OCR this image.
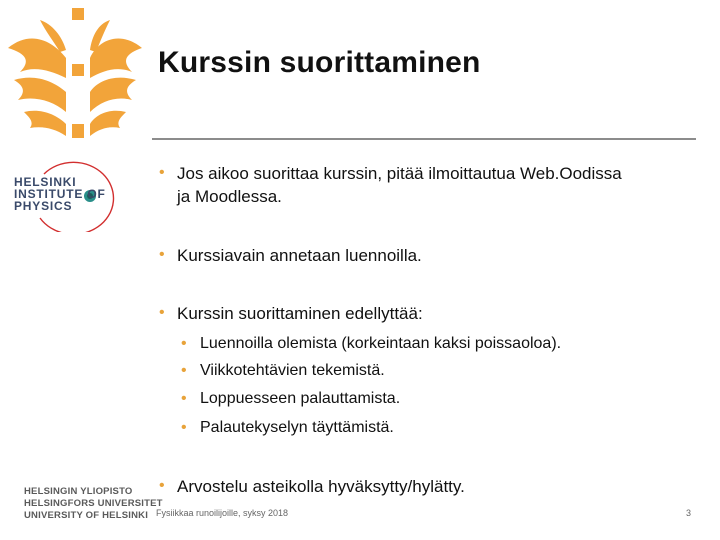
Kurssin suorittaminen
HELSINKI
INSTITUTE OF
PHYSICS
• Jos aikoo suorittaa kurssin, pitää ilmoittautua Web.Oodissa
ja Moodlessa.
• Kurssiavain annetaan luennoilla.
• Kurssin suorittaminen edellyttää:
• Luennoilla olemista (korkeintaan kaksi poissaoloa).
• Viikkotehtävien tekemistä.
• Loppuesseen palauttamista.
• Palautekyselyn täyttämistä.
• Arvostelu asteikolla hyväksytty/hylätty.
HELSINGIN YLIOPISTO
HELSINGFORS UNIVERSITET
UNIVERSITY OF HELSINKI Fysiikkaa runoilijoille, syksy 2018	3
